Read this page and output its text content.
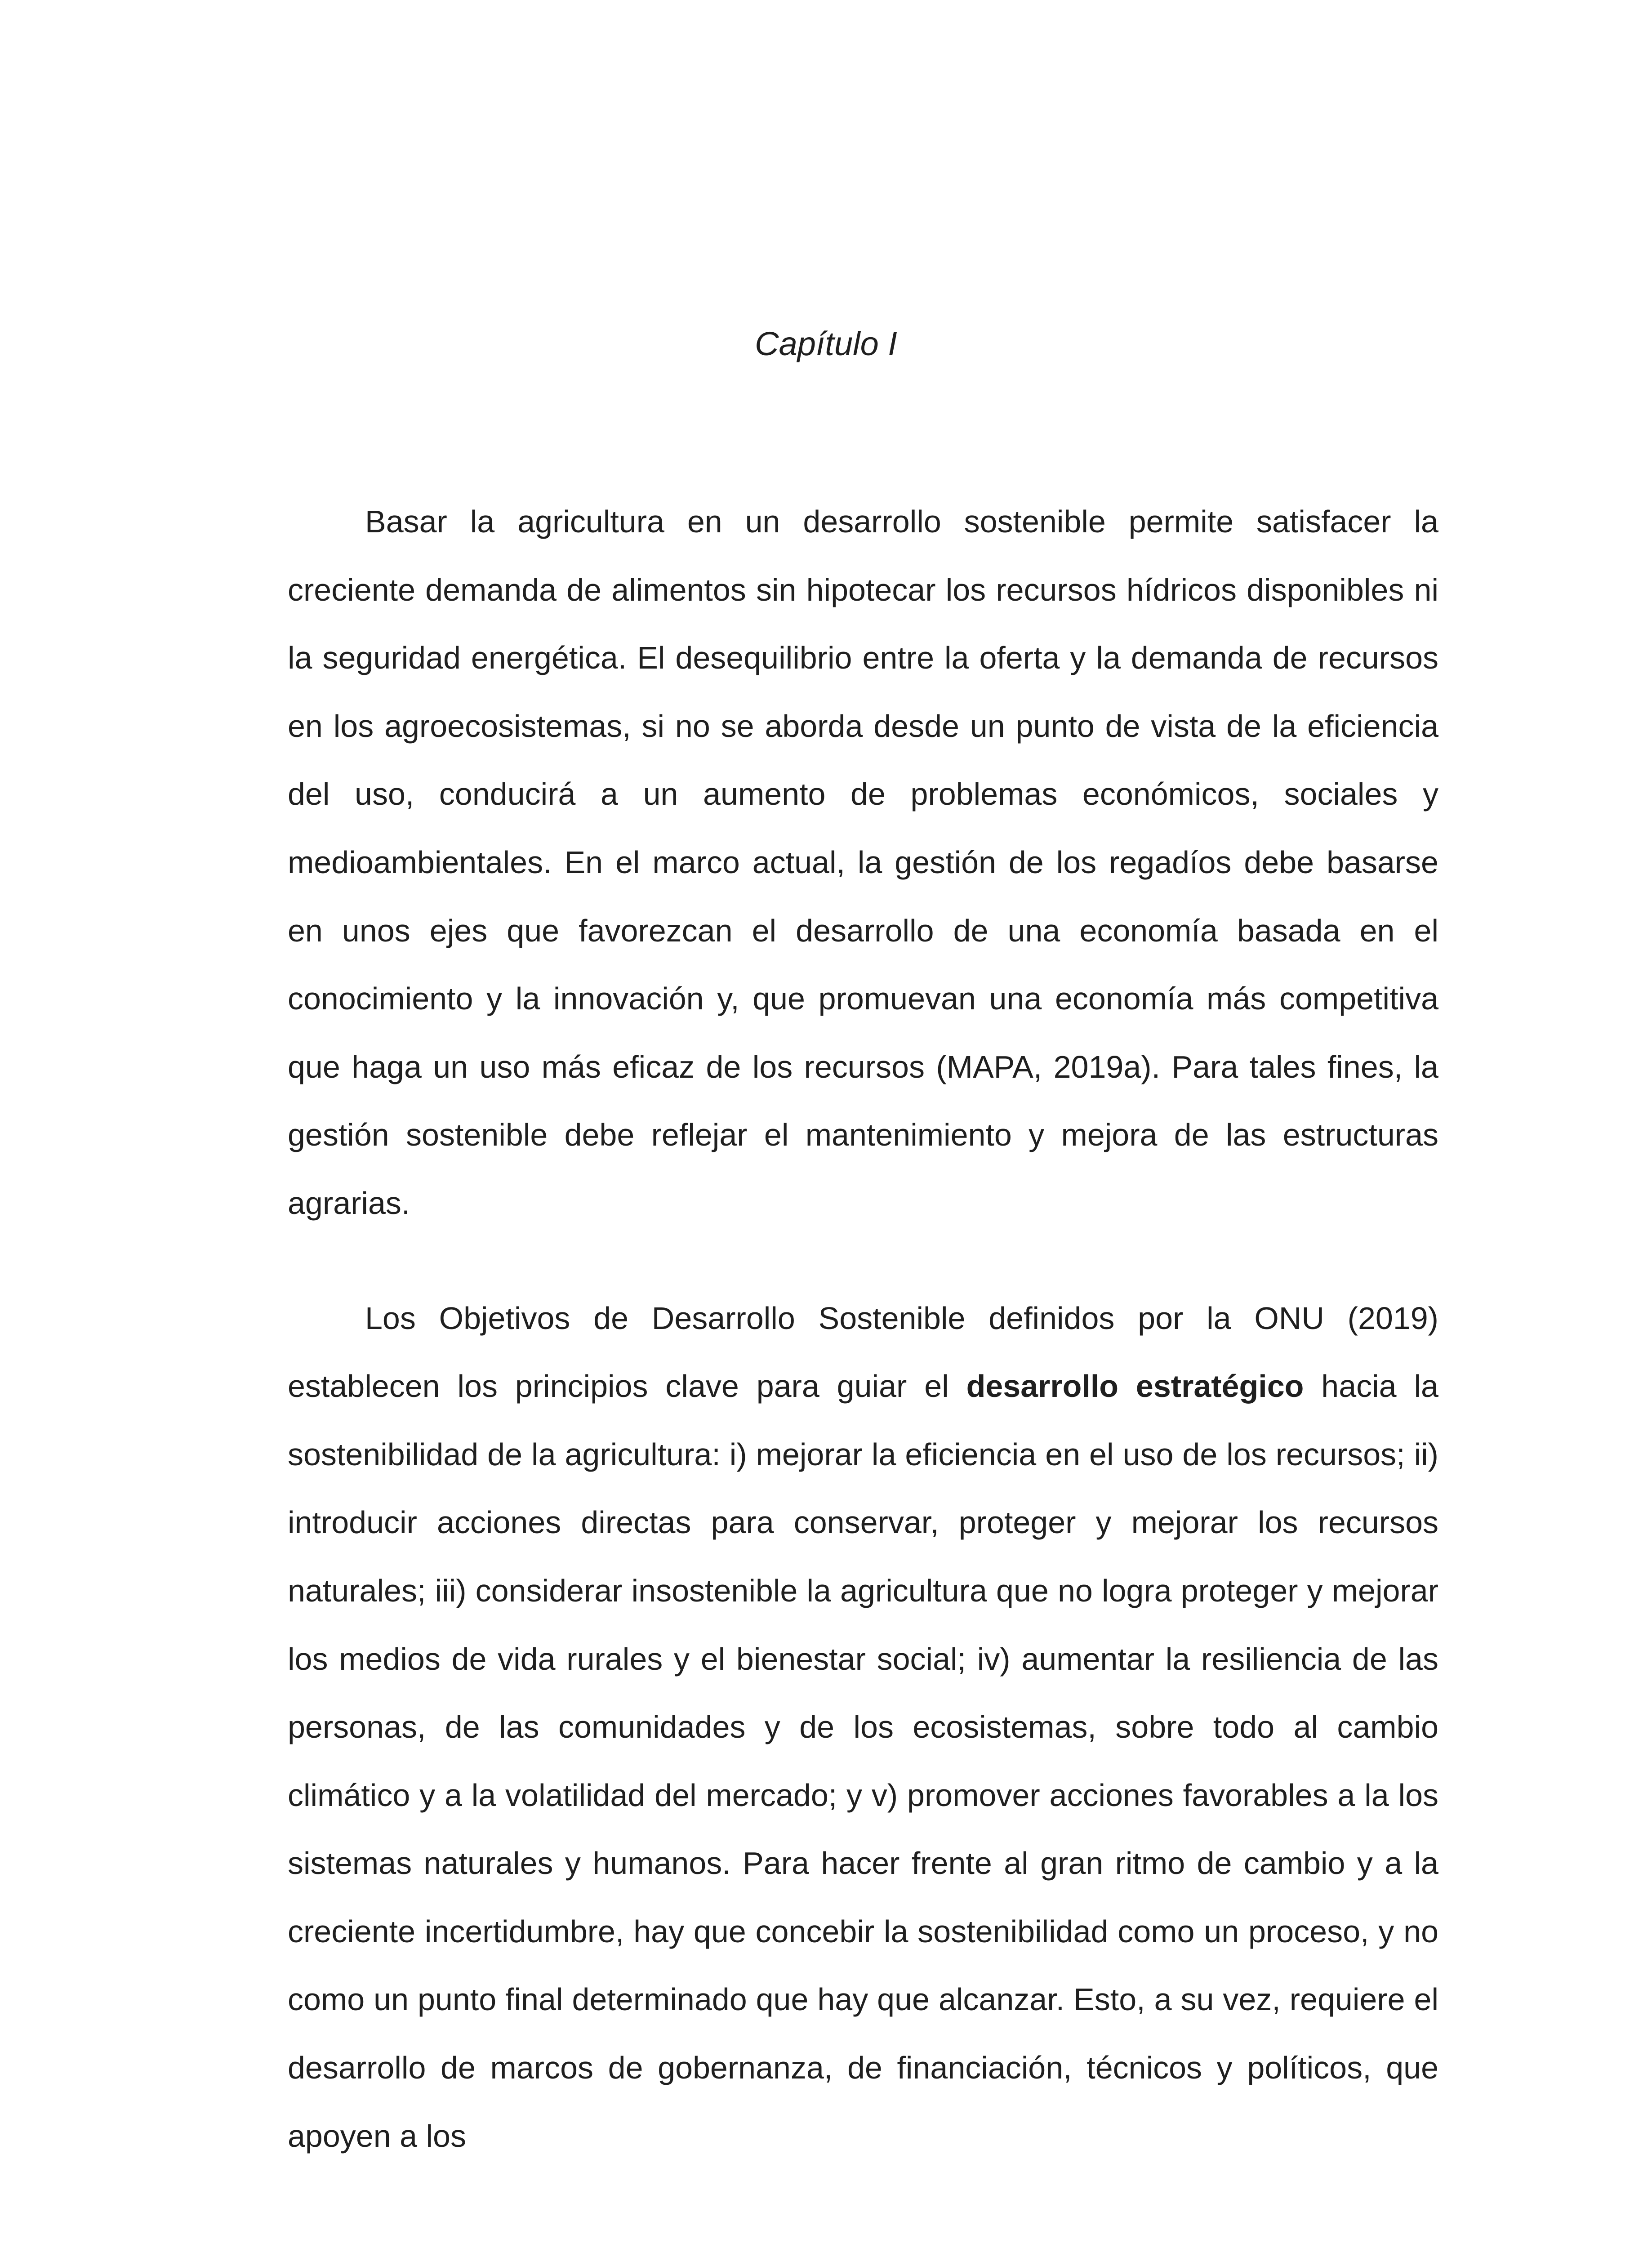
Capítulo I

Basar la agricultura en un desarrollo sostenible permite satisfacer la creciente demanda de alimentos sin hipotecar los recursos hídricos disponibles ni la seguridad energética. El desequilibrio entre la oferta y la demanda de recursos en los agroecosistemas, si no se aborda desde un punto de vista de la eficiencia del uso, conducirá a un aumento de problemas económicos, sociales y medioambientales. En el marco actual, la gestión de los regadíos debe basarse en unos ejes que favorezcan el desarrollo de una economía basada en el conocimiento y la innovación y, que promuevan una economía más competitiva que haga un uso más eficaz de los recursos (MAPA, 2019a). Para tales fines, la gestión sostenible debe reflejar el mantenimiento y mejora de las estructuras agrarias.

Los Objetivos de Desarrollo Sostenible definidos por la ONU (2019) establecen los principios clave para guiar el desarrollo estratégico hacia la sostenibilidad de la agricultura: i) mejorar la eficiencia en el uso de los recursos; ii) introducir acciones directas para conservar, proteger y mejorar los recursos naturales; iii) considerar insostenible la agricultura que no logra proteger y mejorar los medios de vida rurales y el bienestar social; iv) aumentar la resiliencia de las personas, de las comunidades y de los ecosistemas, sobre todo al cambio climático y a la volatilidad del mercado; y v) promover acciones favorables a la los sistemas naturales y humanos. Para hacer frente al gran ritmo de cambio y a la creciente incertidumbre, hay que concebir la sostenibilidad como un proceso, y no como un punto final determinado que hay que alcanzar. Esto, a su vez, requiere el desarrollo de marcos de gobernanza, de financiación, técnicos y políticos, que apoyen a los
